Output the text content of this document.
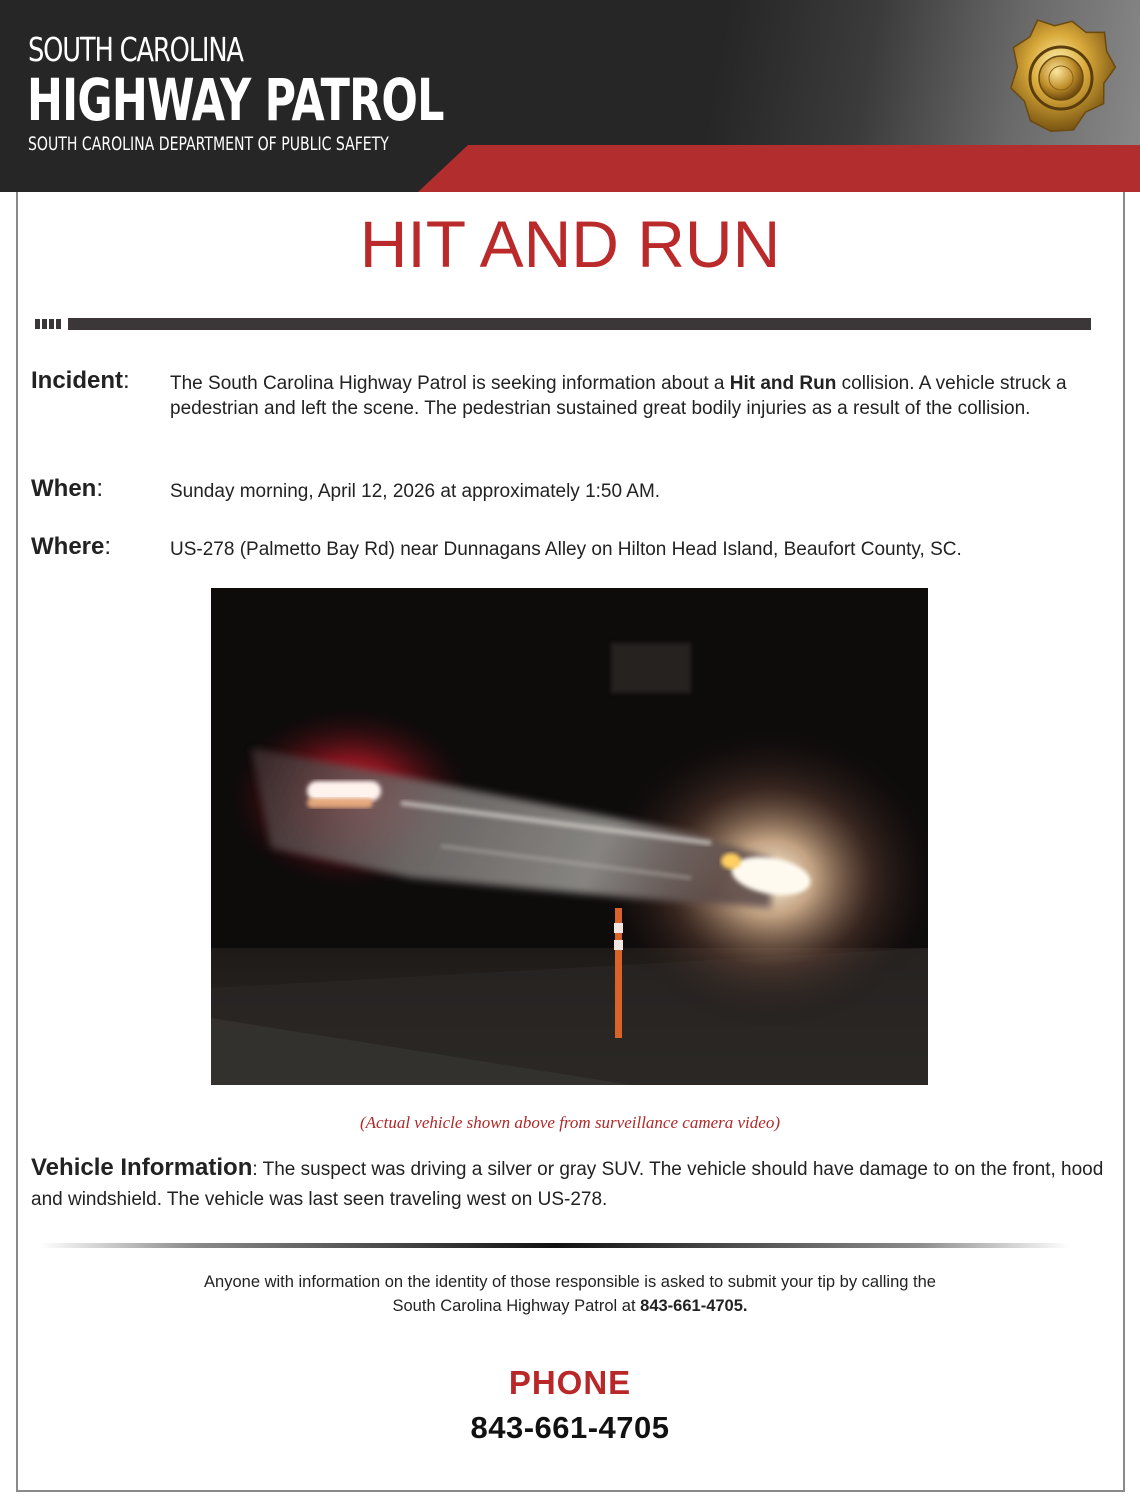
SOUTH CAROLINA
HIGHWAY PATROL
SOUTH CAROLINA DEPARTMENT OF PUBLIC SAFETY
HIT AND RUN
Incident: The South Carolina Highway Patrol is seeking information about a Hit and Run collision. A vehicle struck a pedestrian and left the scene. The pedestrian sustained great bodily injuries as a result of the collision.

When:	Sunday morning, April 12, 2026 at approximately 1:50 AM.

Where:	US-278 (Palmetto Bay Rd) near Dunnagans Alley on Hilton Head Island, Beaufort County, SC.

(Actual vehicle shown above from surveillance camera video)

Vehicle Information: The suspect was driving a silver or gray SUV. The vehicle should have damage to on the front, hood and windshield. The vehicle was last seen traveling west on US-278.

Anyone with information on the identity of those responsible is asked to submit your tip by calling the
South Carolina Highway Patrol at 843-661-4705.
PHONE
843-661-4705
